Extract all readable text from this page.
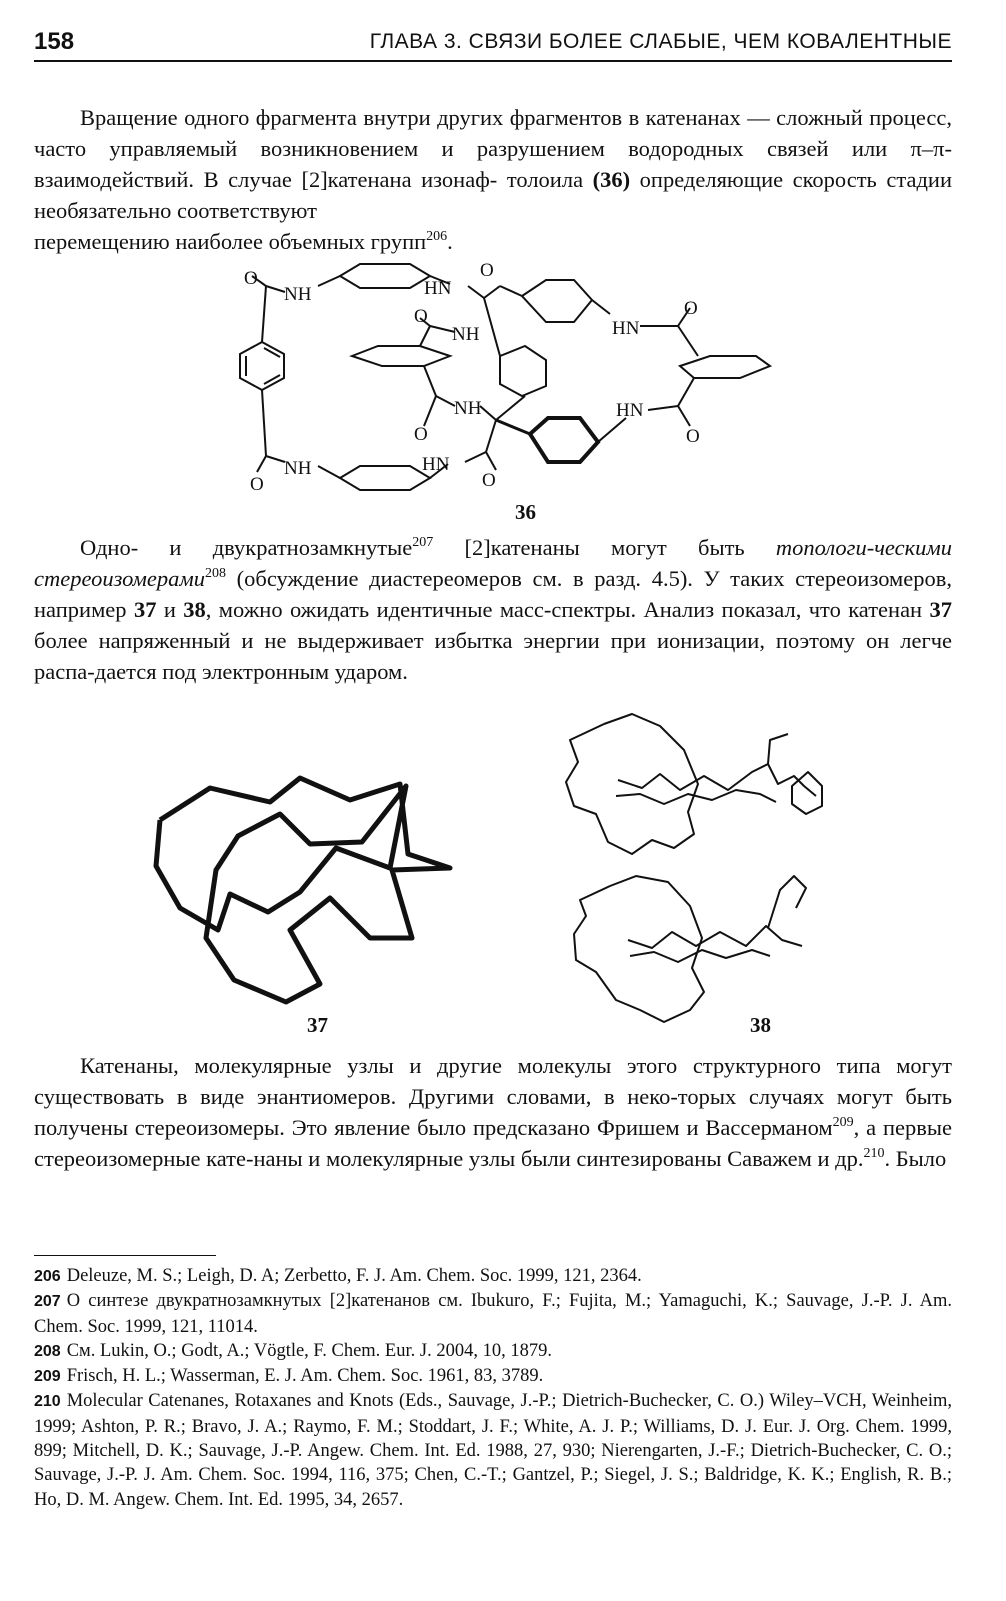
158	ГЛАВА 3. СВЯЗИ БОЛЕЕ СЛАБЫЕ, ЧЕМ КОВАЛЕНТНЫЕ

Вращение одного фрагмента внутри других фрагментов в катенанах — сложный процесс, часто управляемый возникновением и разрушением водородных связей или π–π-взаимодействий. В случае [2]катенана изонаф- толоила (36) определяющие скорость стадии необязательно соответствуют
перемещению наиболее объемных групп$^{206}$.

O
NH
O
NH
HN
O
O
NH
O
NH
HN
O
HN
O
HN
O
36

Одно- и двукратнозамкнутые$^{207}$ [2]катенаны могут быть топологи-ческими стереоизомерами$^{208}$ (обсуждение диастереомеров см. в разд. 4.5). У таких стереоизомеров, например 37 и 38, можно ожидать идентичные масс-спектры. Анализ показал, что катенан 37 более напряженный и не выдерживает избытка энергии при ионизации, поэтому он легче распа-дается под электронным ударом.

37	38

Катенаны, молекулярные узлы и другие молекулы этого структурного типа могут существовать в виде энантиомеров. Другими словами, в неко-торых случаях могут быть получены стереоизомеры. Это явление было предсказано Фришем и Вассерманом$^{209}$, а первые стереоизомерные кате-наны и молекулярные узлы были синтезированы Саважем и др.$^{210}$. Было

206 Deleuze, M. S.; Leigh, D. A; Zerbetto, F. J. Am. Chem. Soc. 1999, 121, 2364.

207 О синтезе двукратнозамкнутых [2]катенанов см. Ibukuro, F.; Fujita, M.; Yamaguchi, K.; Sauvage, J.-P. J. Am. Chem. Soc. 1999, 121, 11014.

208 См. Lukin, O.; Godt, A.; Vögtle, F. Chem. Eur. J. 2004, 10, 1879.

209 Frisch, H. L.; Wasserman, E. J. Am. Chem. Soc. 1961, 83, 3789.

210 Molecular Catenanes, Rotaxanes and Knots (Eds., Sauvage, J.-P.; Dietrich-Buchecker, C. O.) Wiley–VCH, Weinheim, 1999; Ashton, P. R.; Bravo, J. A.; Raymo, F. M.; Stoddart, J. F.; White, A. J. P.; Williams, D. J. Eur. J. Org. Chem. 1999, 899; Mitchell, D. K.; Sauvage, J.-P. Angew. Chem. Int. Ed. 1988, 27, 930; Nierengarten, J.-F.; Dietrich-Buchecker, C. O.; Sauvage, J.-P. J. Am. Chem. Soc. 1994, 116, 375; Chen, C.-T.; Gantzel, P.; Siegel, J. S.; Baldridge, K. K.; English, R. B.; Ho, D. M. Angew. Chem. Int. Ed. 1995, 34, 2657.
